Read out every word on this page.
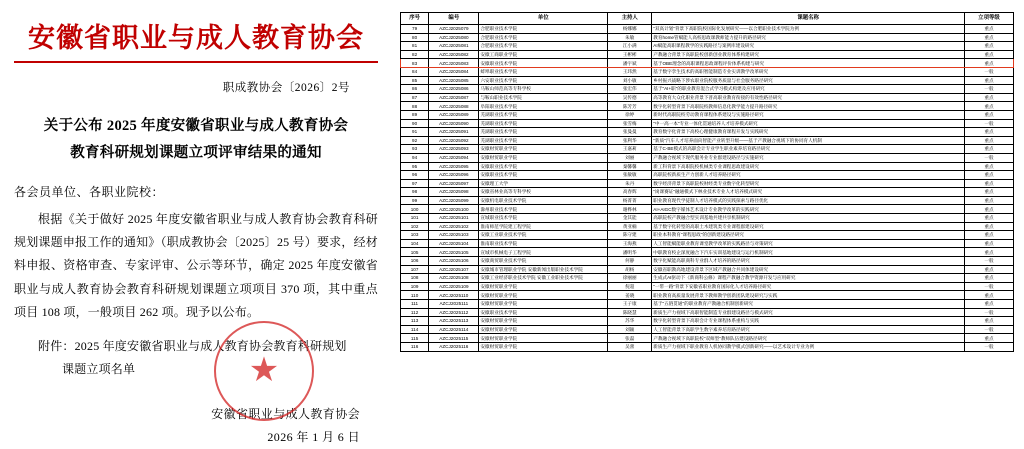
安徽省职业与成人教育协会
职成教协会〔2026〕2号
关于公布 2025 年度安徽省职业与成人教育协会教育科研规划课题立项评审结果的通知
各会员单位、各职业院校：
根据《关于做好 2025 年度安徽省职业与成人教育协会教育科研规划课题申报工作的通知》（职成教协会〔2025〕25 号）要求，经材料申报、资格审查、专家评审、公示等环节，确定 2025 年度安徽省职业与成人教育协会教育科研规划课题立项项目 370 项，其中重点项目 108 项，一般项目 262 项。现予以公布。
附件：2025 年度安徽省职业与成人教育协会教育科研规划
课题立项名单
安徽省职业与成人教育协会
2026 年 1 月 6 日
★
序号	编号	单位	主持人	课题名称	立项等级
79	AZCJ2025079	合肥职业技术学院	杨娜娜	"双高计划"背景下高职院校国际化发展研究——以合肥职业技术学院为例	重点
80	AZCJ2025080	合肥职业技术学院	朱敏	教育home管赋能人高校思政课教师能力提升的路径研究	重点
81	AZCJ2025081	合肥职业技术学院	江小满	AI赋能高职课程教学的实践路径与案例库建设研究	重点
82	AZCJ2025082	安徽工商职业学院	王彬彬	产教融合背景下高职院校创新创业教育体系构建研究	重点
83	AZCJ2025083	安徽职业技术学院	潘宇斌	基于OBE理念的高职课程思政课程评价体系构建与研究	重点
84	AZCJ2025084	蚌埠职业技术学院	王玮然	基于数字孪生技术的高职智能制造专业实训教学改革研究	一般
85	AZCJ2025085	六安职业技术学院	刘小敏	乡村振兴战略下涉农职业院校服务质量与社会服务路径研究	重点
86	AZCJ2025086	马鞍山师范高等专科学校	张宏伟	基于"AI+职"的职业教育混合式学习模式构建及应用研究	一般
87	AZCJ2025087	与鞍山职业技术学院	吴传德	高等教育大众化职业背景下普高职业教育衔接的有效性路径研究	重点
88	AZCJ2025088	阜阳职业技术学院	陈芳芳	数字化转型背景下高职院校教师信息化教学能力提升路径研究	重点
89	AZCJ2025089	芜湖职业技术学院	徐婷	新时代高职院校劳动教育课程体系建设与实施路径研究	重点
90	AZCJ2025090	芜湖职业技术学院	张雪梅	"中一高一本"专业一体化贯通培养人才培养模式研究	一般
91	AZCJ2025091	芜湖职业技术学院	张曼曼	教育数字化背景下高校心理健康教育课程开发与实践研究	重点
92	AZCJ2025092	芜湖职业技术学院	张利华	"新质"汽车人才培养面向智能产业转型升级——基于产教融合视域下的协同育人机制	重点
93	AZCJ2025093	安徽财贸职业学院	王嘉莉	基于C-BE模式的高职会计专业学生职业素养培育路径研究	重点
94	AZCJ2025094	安徽财贸职业学院	刘丽	产教融合视域下现代服务业专业群建设路径与实施研究	一般
95	AZCJ2025095	安徽职业技术学院	秦馨馨	新工科背景下高职院校机械类专业课程思政建设研究	重点
96	AZCJ2025096	安徽职业技术学院	张敏敏	高职院校新质生产力创新人才培养路径研究	重点
97	AZCJ2025097	安徽理工大学	朱丹	数字经济背景下高职院校财经类专业数字化转型研究	重点
98	AZCJ2025098	安徽省林业高等专科学校	高春辉	"岗课赛证"融通模式下林业技术专业人才培养模式研究	重点
99	AZCJ2025099	安徽机电职业技术学院	杨菁菁	职业教育现代学徒制人才培养模式的实践探索与路径优化	重点
100	AZCJ2025100	滁州职业技术学院	谢桦林	AI+AIGC数字媒体艺术设计专业教学改革的实践研究	重点
101	AZCJ2025101	宣城职业技术学院	金其能	高职院校产教融合型实训基地共建共享机制研究	重点
102	AZCJ2025102	淮南师范学院建工程学院	黄亚楠	基于数字化转型的高职土木建筑类专业课程群建设研究	重点
103	AZCJ2025103	安徽工业职业技术学院	陈守建	职业本科教育"课程思政"的创新建设路径研究	重点
104	AZCJ2025104	淮南职业技术学院	王海燕	人工智能赋能职业教育课堂教学改革的实践路径与对策研究	重点
105	AZCJ2025105	宣城市机械电子工程学院	潘明华	中职教育校企深度融合下汽车实训基地建设与运行机制研究	重点
106	AZCJ2025106	安徽商贸职业技术学院	何静	数字化赋能高职商科专业群人才培养的路径研究	一般
107	AZCJ2025107	安徽城市管理职业学院 安徽新闻出版职业技术学院	胡杨	安徽省职教高地建设背景下区域产教融合共同体建设研究	重点
108	AZCJ2025108	安徽工业经济职业技术学院 安徽工业职业技术学院	徐丽丽	生成式AI驱动下《新商科公修》课程产教融合教学资源开发与应用研究	重点
109	AZCJ2025109	安徽财贸职业学院	倪超	"一带一路"背景下安徽省职业教育国际化人才培养路径研究	一般
110	AZCJ2025110	安徽财贸职业学院	姜晓	职业教育高质量发展背景下教师教学创新团队建设研究与实践	重点
111	AZCJ2025111	安徽财贸职业学院	王子康	基于"五链贯通"的职业教育产教融合机制创新研究	重点
112	AZCJ2025112	安徽职业技术学院	陈晓慧	新质生产力视域下高职智能制造专业群建设路径与模式研究	一般
113	AZCJ2025113	安徽财贸职业学院	苏华	数字化转型背景下高职会计专业课程体系重构与实践	重点
114	AZCJ2025114	安徽财贸职业学院	刘颖	人工智能背景下高职学生数字素养培育路径研究	一般
115	AZCJ2025115	安徽财贸职业学院	张磊	产教融合视域下高职院校"双师型"教师队伍建设路径研究	重点
116	AZCJ2025116	安徽财贸职业学院	吴蕾	新质生产力视域下职业教育人机协同教学模式创新研究——以艺术设计专业为例	一般
